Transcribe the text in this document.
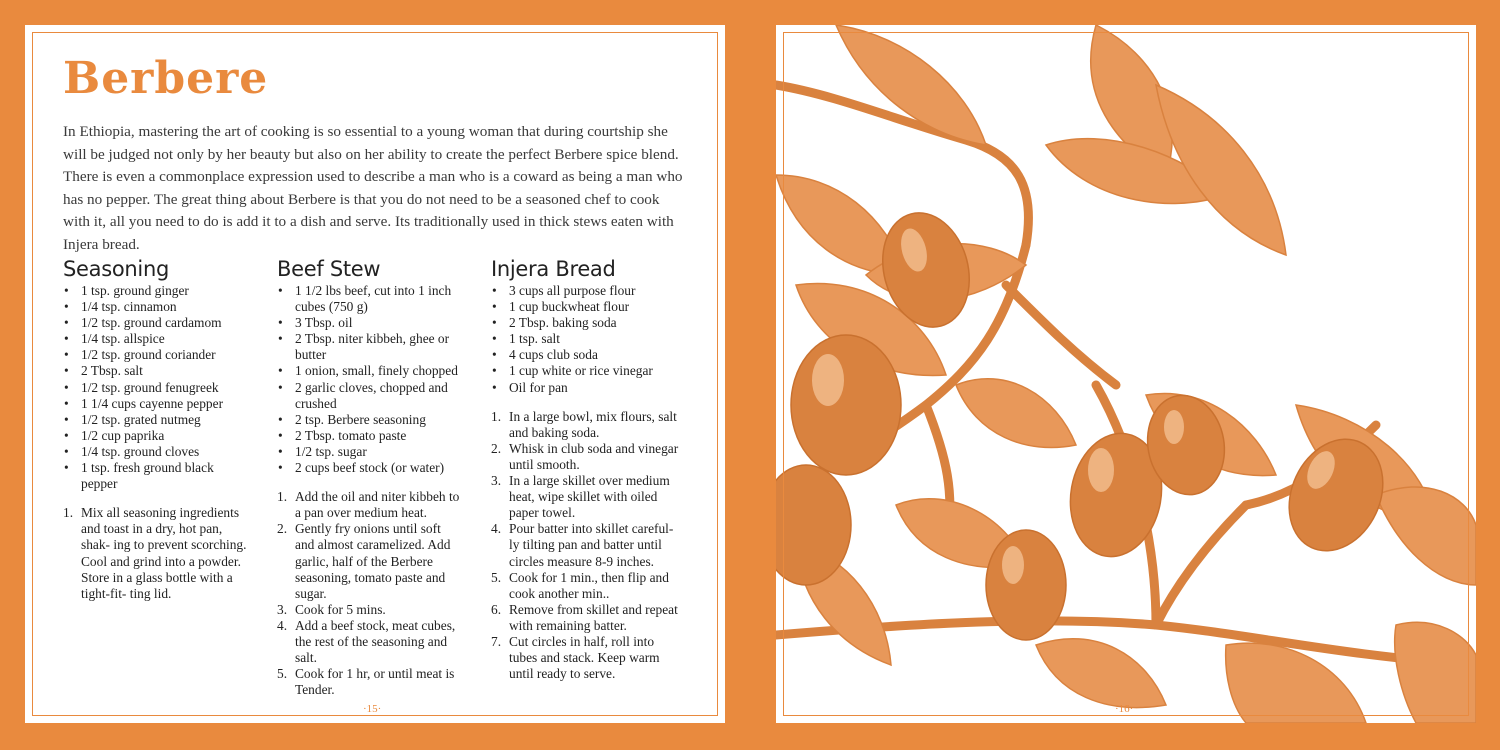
Berbere

In Ethiopia, mastering the art of cooking is so essential to a young woman that during courtship she will be judged not only by her beauty but also on her ability to create the perfect Berbere spice blend. There is even a commonplace expression used to describe a man who is a coward as being a man who has no pepper. The great thing about Berbere is that you do not need to be a seasoned chef to cook with it, all you need to do is add it to a dish and serve. Its traditionally used in thick stews eaten with Injera bread.

Seasoning
• 1 tsp. ground ginger
• 1/4 tsp. cinnamon
• 1/2 tsp. ground cardamom
• 1/4 tsp. allspice
• 1/2 tsp. ground coriander
• 2 Tbsp. salt
• 1/2 tsp. ground fenugreek
• 1 1/4 cups cayenne pepper
• 1/2 tsp. grated nutmeg
• 1/2 cup paprika
• 1/4 tsp. ground cloves
• 1 tsp. fresh ground black pepper
1. Mix all seasoning ingredients and toast in a dry, hot pan, shak- ing to prevent scorching. Cool and grind into a powder. Store in a glass bottle with a tight-fit- ting lid.
Beef Stew
• 1 1/2 lbs beef, cut into 1 inch cubes (750 g)
• 3 Tbsp. oil
• 2 Tbsp. niter kibbeh, ghee or butter
• 1 onion, small, finely chopped
• 2 garlic cloves, chopped and crushed
• 2 tsp. Berbere seasoning
• 2 Tbsp. tomato paste
• 1/2 tsp. sugar
• 2 cups beef stock (or water)
1. Add the oil and niter kibbeh to a pan over medium heat.
2. Gently fry onions until soft and almost caramelized. Add garlic, half of the Berbere seasoning, tomato paste and sugar.
3. Cook for 5 mins.
4. Add a beef stock, meat cubes, the rest of the seasoning and salt.
5. Cook for 1 hr, or until meat is Tender.
Injera Bread
• 3 cups all purpose flour
• 1 cup buckwheat flour
• 2 Tbsp. baking soda
• 1 tsp. salt
• 4 cups club soda
• 1 cup white or rice vinegar
• Oil for pan
1. In a large bowl, mix flours, salt and baking soda.
2. Whisk in club soda and vinegar until smooth.
3. In a large skillet over medium heat, wipe skillet with oiled paper towel.
4. Pour batter into skillet careful- ly tilting pan and batter until circles measure 8-9 inches.
5. Cook for 1 min., then flip and cook another min..
6. Remove from skillet and repeat with remaining batter.
7. Cut circles in half, roll into tubes and stack. Keep warm until ready to serve.
·15·	·16·
